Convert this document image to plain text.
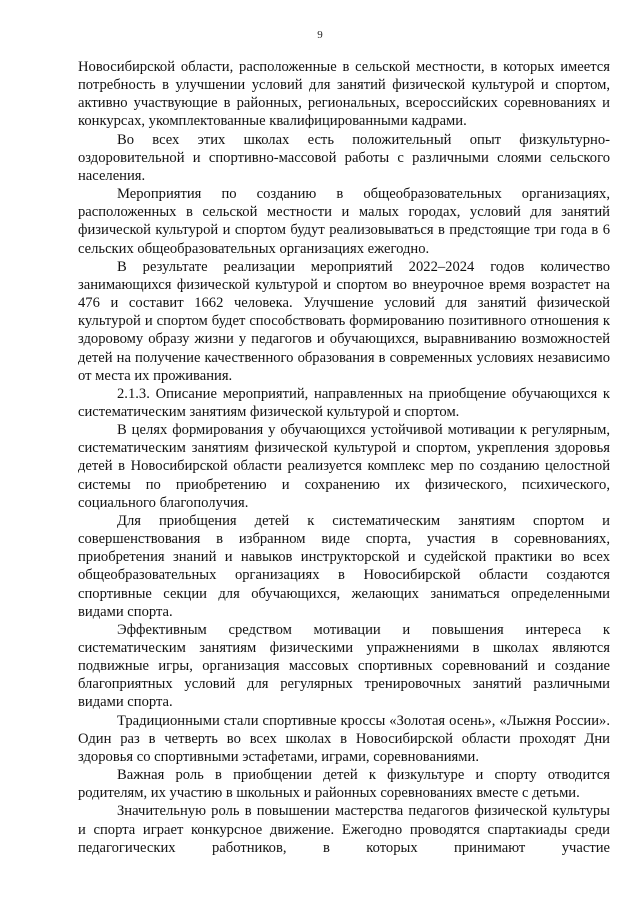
9

Новосибирской области, расположенные в сельской местности, в которых имеется потребность в улучшении условий для занятий физической культурой и спортом, активно участвующие в районных, региональных, всероссийских соревнованиях и конкурсах, укомплектованные квалифицированными кадрами.

Во всех этих школах есть положительный опыт физкультурно-оздоровительной и спортивно-массовой работы с различными слоями сельского населения.

Мероприятия по созданию в общеобразовательных организациях, расположенных в сельской местности и малых городах, условий для занятий физической культурой и спортом будут реализовываться в предстоящие три года в 6 сельских общеобразовательных организациях ежегодно.

В результате реализации мероприятий 2022–2024 годов количество занимающихся физической культурой и спортом во внеурочное время возрастет на 476 и составит 1662 человека. Улучшение условий для занятий физической культурой и спортом будет способствовать формированию позитивного отношения к здоровому образу жизни у педагогов и обучающихся, выравниванию возможностей детей на получение качественного образования в современных условиях независимо от места их проживания.

2.1.3. Описание мероприятий, направленных на приобщение обучающихся к систематическим занятиям физической культурой и спортом.

В целях формирования у обучающихся устойчивой мотивации к регулярным, систематическим занятиям физической культурой и спортом, укрепления здоровья детей в Новосибирской области реализуется комплекс мер по созданию целостной системы по приобретению и сохранению их физического, психического, социального благополучия.

Для приобщения детей к систематическим занятиям спортом и совершенствования в избранном виде спорта, участия в соревнованиях, приобретения знаний и навыков инструкторской и судейской практики во всех общеобразовательных организациях в Новосибирской области создаются спортивные секции для обучающихся, желающих заниматься определенными видами спорта.

Эффективным средством мотивации и повышения интереса к систематическим занятиям физическими упражнениями в школах являются подвижные игры, организация массовых спортивных соревнований и создание благоприятных условий для регулярных тренировочных занятий различными видами спорта.

Традиционными стали спортивные кроссы «Золотая осень», «Лыжня России». Один раз в четверть во всех школах в Новосибирской области проходят Дни здоровья со спортивными эстафетами, играми, соревнованиями.

Важная роль в приобщении детей к физкультуре и спорту отводится родителям, их участию в школьных и районных соревнованиях вместе с детьми.

Значительную роль в повышении мастерства педагогов физической культуры и спорта играет конкурсное движение. Ежегодно проводятся спартакиады среди педагогических работников, в которых принимают участие
